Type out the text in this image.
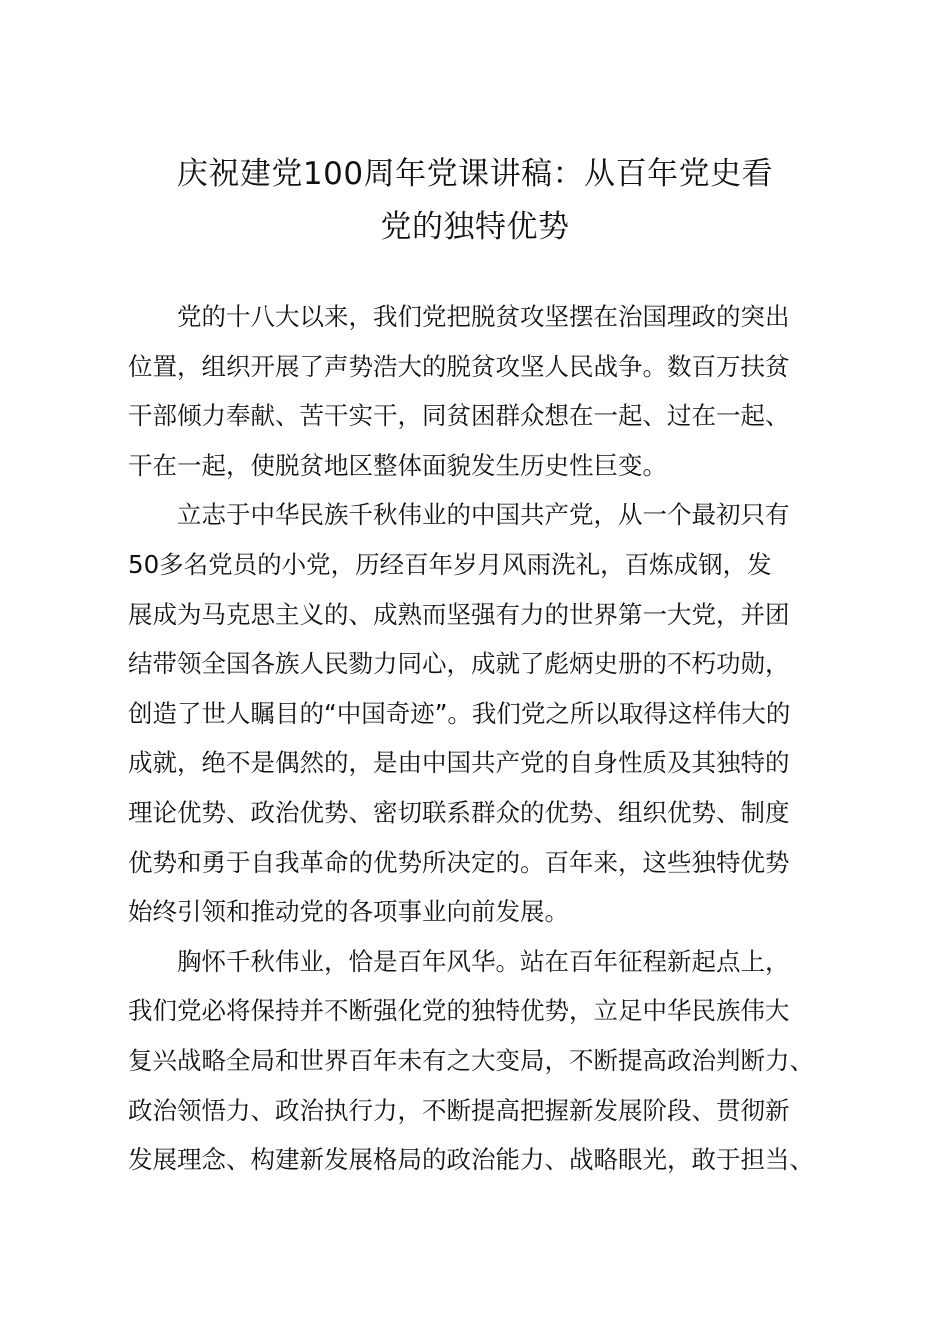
庆祝建党100周年党课讲稿：从百年党史看
党的独特优势
党的十八大以来，我们党把脱贫攻坚摆在治国理政的突出
位置，组织开展了声势浩大的脱贫攻坚人民战争。数百万扶贫
干部倾力奉献、苦干实干，同贫困群众想在一起、过在一起、
干在一起，使脱贫地区整体面貌发生历史性巨变。
立志于中华民族千秋伟业的中国共产党，从一个最初只有
50多名党员的小党，历经百年岁月风雨洗礼，百炼成钢，发
展成为马克思主义的、成熟而坚强有力的世界第一大党，并团
结带领全国各族人民勠力同心，成就了彪炳史册的不朽功勋，
创造了世人瞩目的“中国奇迹”。我们党之所以取得这样伟大的
成就，绝不是偶然的，是由中国共产党的自身性质及其独特的
理论优势、政治优势、密切联系群众的优势、组织优势、制度
优势和勇于自我革命的优势所决定的。百年来，这些独特优势
始终引领和推动党的各项事业向前发展。
胸怀千秋伟业，恰是百年风华。站在百年征程新起点上，
我们党必将保持并不断强化党的独特优势，立足中华民族伟大
复兴战略全局和世界百年未有之大变局，不断提高政治判断力、
政治领悟力、政治执行力，不断提高把握新发展阶段、贯彻新
发展理念、构建新发展格局的政治能力、战略眼光，敢于担当、
